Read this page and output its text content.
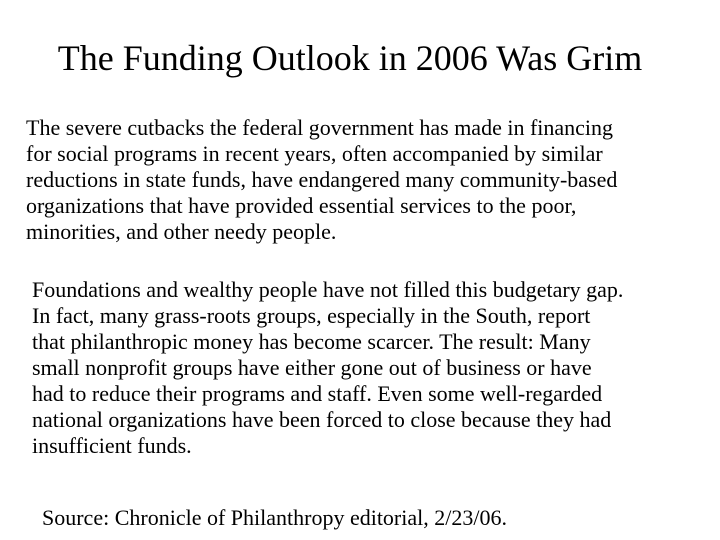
The Funding Outlook in 2006 Was Grim

The severe cutbacks the federal government has made in financing
for social programs in recent years, often accompanied by similar
reductions in state funds, have endangered many community-based
organizations that have provided essential services to the poor,
minorities, and other needy people.

Foundations and wealthy people have not filled this budgetary gap.
In fact, many grass-roots groups, especially in the South, report
that philanthropic money has become scarcer. The result: Many
small nonprofit groups have either gone out of business or have
had to reduce their programs and staff. Even some well-regarded
national organizations have been forced to close because they had
insufficient funds.

Source: Chronicle of Philanthropy editorial, 2/23/06.
